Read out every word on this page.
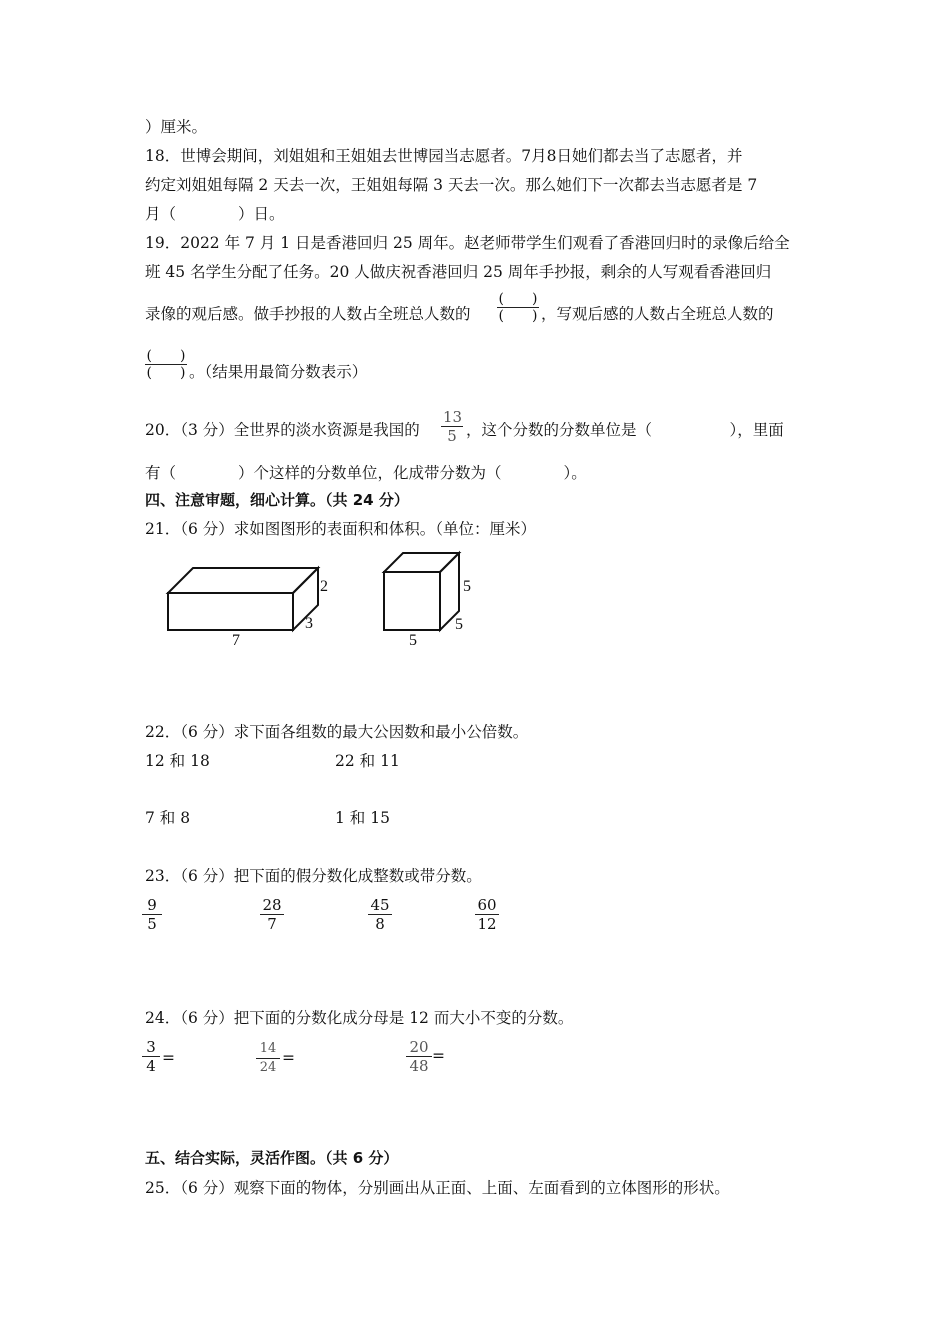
）厘米。
18．世博会期间，刘姐姐和王姐姐去世博园当志愿者。7月8日她们都去当了志愿者，并
约定刘姐姐每隔 2 天去一次，王姐姐每隔 3 天去一次。那么她们下一次都去当志愿者是 7
月（　　　　）日。
19．2022 年 7 月 1 日是香港回归 25 周年。赵老师带学生们观看了香港回归时的录像后给全
班 45 名学生分配了任务。20 人做庆祝香港回归 25 周年手抄报，剩余的人写观看香港回归
录像的观后感。做手抄报的人数占全班总人数的
(　　)
(　　) ，写观后感的人数占全班总人数的
(　　)
(　　) 。（结果用最简分数表示）
20．（3 分）全世界的淡水资源是我国的
13
5 ，这个分数的分数单位是（　　　　　），里面
有（　　　　）个这样的分数单位，化成带分数为（　　　　）。
四、注意审题，细心计算。（共 24 分）
21．（6 分）求如图图形的表面积和体积。（单位：厘米）
2
3
7
5
5
5
22．（6 分）求下面各组数的最大公因数和最小公倍数。
12 和 18	22 和 11
7 和 8	1 和 15
23．（6 分）把下面的假分数化成整数或带分数。
9
5
28
7
45
8
60
12
24．（6 分）把下面的分数化成分母是 12 而大小不变的分数。
3
4 =
14
24
=
20
48
=
五、结合实际，灵活作图。（共 6 分）
25．（6 分）观察下面的物体，分别画出从正面、上面、左面看到的立体图形的形状。
